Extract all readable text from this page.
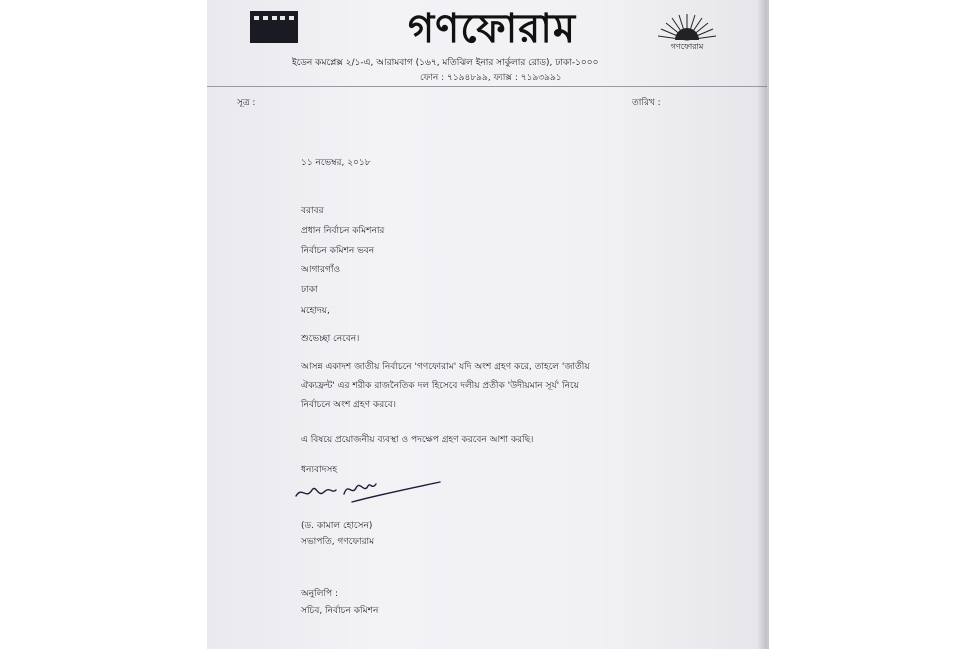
গণফোরাম	গণফোরাম
ইডেন কমপ্লেক্স ২/১-এ, আরামবাগ (১৬৭, মতিঝিল ইনার সার্কুলার রোড), ঢাকা-১০০০
ফোন : ৭১৯৪৮৯৯, ফ্যাক্স : ৭১৯৩৯৯১
সূত্র :	তারিখ :
১১ নভেম্বর, ২০১৮
বরাবর
প্রধান নির্বাচন কমিশনার
নির্বাচন কমিশন ভবন
আগারগাঁও
ঢাকা
মহোদয়,
শুভেচ্ছা নেবেন।
আসন্ন একাদশ জাতীয় নির্বাচনে 'গণফোরাম' যদি অংশ গ্রহণ করে, তাহলে 'জাতীয়
ঐক্যফ্রন্ট' এর শরীক রাজনৈতিক দল হিসেবে দলীয় প্রতীক 'উদীয়মান সূর্য' নিয়ে
নির্বাচনে অংশ গ্রহণ করবে।
এ বিষয়ে প্রয়োজনীয় ব্যবস্থা ও পদক্ষেপ গ্রহণ করবেন আশা করছি।
ধন্যবাদসহ
(ড. কামাল হোসেন)
সভাপতি, গণফোরাম
অনুলিপি :
সচিব, নির্বাচন কমিশন
